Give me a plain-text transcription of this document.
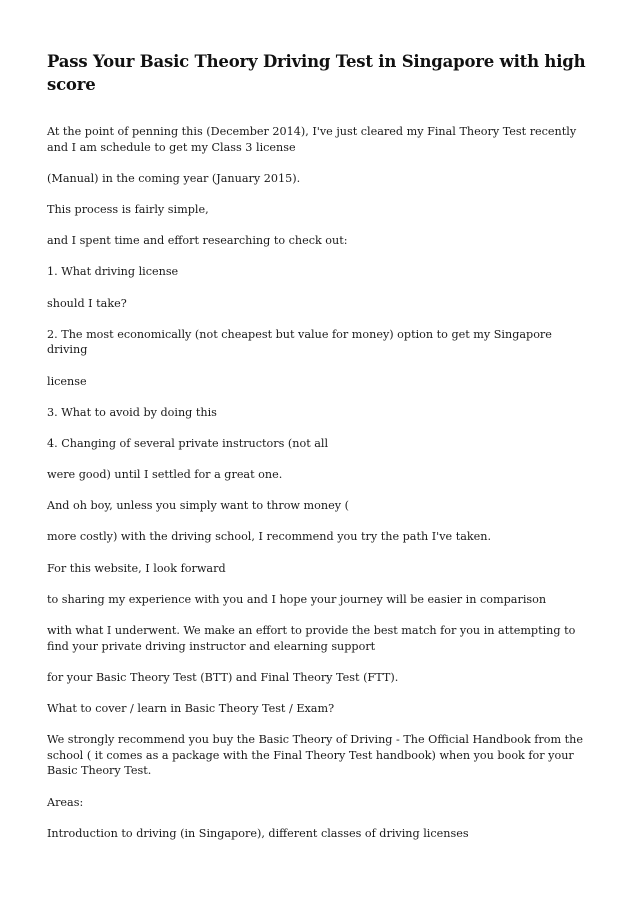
Pass Your Basic Theory Driving Test in Singapore with high score

At the point of penning this (December 2014), I've just cleared my Final Theory Test recently and I am schedule to get my Class 3 license

(Manual) in the coming year (January 2015).

This process is fairly simple,

and I spent time and effort researching to check out:

1. What driving license

should I take?

2. The most economically (not cheapest but value for money) option to get my Singapore driving

license

3. What to avoid by doing this

4. Changing of several private instructors (not all

were good) until I settled for a great one.

And oh boy, unless you simply want to throw money (

more costly) with the driving school, I recommend you try the path I've taken.

For this website, I look forward

to sharing my experience with you and I hope your journey will be easier in comparison

with what I underwent. We make an effort to provide the best match for you in attempting to find your private driving instructor and elearning support

for your Basic Theory Test (BTT) and Final Theory Test (FTT).

What to cover / learn in Basic Theory Test / Exam?

We strongly recommend you buy the Basic Theory of Driving - The Official Handbook from the school ( it comes as a package with the Final Theory Test handbook) when you book for your Basic Theory Test.

Areas:

Introduction to driving (in Singapore), different classes of driving licenses
